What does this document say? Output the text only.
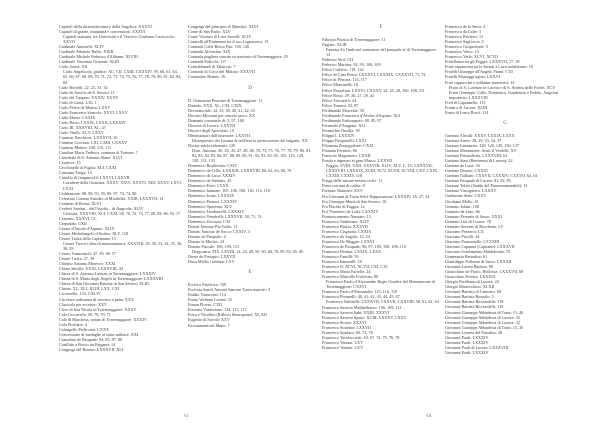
Capitoli della diciassettesima e della Angelica: XXXVI
Capitoli di grazie, immunità e concessioni: XXXVI
Capitoli statutari, tra Università e il Vescovo Girolamo Caracciolo: XXVII
Cardinale Antonelli: XLIV
Cardinale Fabrizio Ruffo: XXIII
Cardinale Michele Federico d'Althann: XLVIII
Cardinale Vincenzo Grimani: XLIII
Carlo Arena: XII
Carlo Angelicola, giudice: XC, CII, CXIII, CXXXIV, 59, 60, 61, 64, 65, 66, 67, 68, 69, 70, 71, 72, 73, 74, 75, 76, 77, 78, 79, 80, 81, 82, 83, 84
Carlo Borrelli: 22, 23, 33, 34
Carlo de Sanctis de S. Severo: 11
Carlo del Tangaro: XXXIV, XXXV
Carlo di Gaeta: LXI, 1
Carlo Felice de Mattia: LXXV
Carlo Francesco Siascola: XXVI, LXXV
Carlo Marso: LXXIX
Carlo Rossi: LXXIX, LXXX, LXXXIV
Carlo III, XXXVIII, XL, 47
Carlo Vitelli: XCV, LXXV
Carmine Nacchicer: LXXXVII, 16
Carmine Crociata: CXI, CXIII, CXXXV
Carmine Matteo: 108, 110, 111
Carolina Maria Tedesca, contessa di Tortone: 7
Cattedrale di S. Antonio Abate: XLVI
Cesaticci: 15
Cecchinella di Puglia: XLI, CXXI
Casimiro Tangs: 14
Castello di Gargancolli: LXXVI, LXXVII
Cavaliere della Giustizia: XXXV, XXIV, XXXVI, XIII, XXXV, LXVI, CXXI
Ceddenzone: 98, 99, 93, 95, 96, 97, 74, 74, 80
Celestino Cosimo Amodio di Mirabella: XXIII, LXXXVII, 14
Centrino di Rossa: XLVI
Cerdevi Santini – dell'Aquila – di Angicola: XLIV
Cetecala, XXXVIII, XCI, CXXI, 68, 70, 72, 73, 77, 80, 83, 86, 93, 17
Cerionni, XXXVI, CL
Cerpadala: CXII
Cesare d'Amolo d'Aquino: XLIX
Cesare Michelangelo d'Avalos: XLV, 118
Cesare Trotta della Capitanata: 15
Cesare Tresce (alias di maestrantaro): XXXVIII, 29, 30, 33, 34, 35, 36, 38, 39
Cesare Traincattoli: 47, 49, 48, 57
Cesare Trotta: 37, 39
Chiarito Antonio Maresco: XXXI
Chiara Sarolla: XXXI, LXXXVIII, 44
Chiesa di S. Antonio Lateran in Torremaggiore: LXXXIV
Chiesa di S. Maria degli Angeli in Torremaggiore: LXXXVIII
Chiesa di San Giovanni Battista in San Severo: XLIII
Chiesa: XL, XLI, XLIII, LXX, CXI
Ciccariello: 133, CXLIV
Circolare ordinanza di servizio a pena: XXX
Clavicola per avoritor: XXV
Clero di San Nicola in Torremaggiore: XXXV
Cola Ceccarella: 59, 79, 70, 71
Cola di Marchesa, notaio di Torremaggiore: XXXIV
Cola Picolatte: 4
Colangello Pedicciati: CXXX
Concessione di medaglie al valor militare: XXI
Consolato de Pasquale: 84, 85, 87, 88
Conflitto a Bosco tra Brigantí: 14
Congrega del Boemo: LXXXVII, XLI
Congrega del principio di Maschio: XLVI
Conte di San Paolo: XLV
Conte Vicenzo di Luca Savelli: XLIV
Controlli all'Eminenza tra il suo Legnascero: 15
Contrada Colle Bosco Pan: 100, 126
Contrada Alfonsina: XIX
Contrada pugliese sancito in territorio di Torremaggiore: 25
Contrada Palicchi: 117
Contrabbandi di Tabaccio: 7
Contrada di Ciccà del Mulino: XXXVII
Costantino Bernes: 16
D
D. Gennarino Pisacino di Torremaggiore: 11
Daniele: XXX, XL, CXI, CXIX
Decoratoriale: 22, 23, 38, 40, 41, 42, 43
Decorio Missioni per cincelo sacro: XX
Demanio comunale di: 2, 97, 100
Diocese di Lucera: LXXVII
Diocesi degli Apocolati: 10
Dimissionari dall'assessore: LXXVII
Dissequestro dei Lucana di nell'iero in persecuzione dei briganti: XX
Doctor-ndola infermati: 120
Dom. Antonio: 40, 43, 45, 47, 48, 68, 70, 73, 75, 76, 77, 78, 79, 80, 81, 82, 83, 84, 85, 86, 87, 88, 89, 90, 91, 92, 93, 94, 95, 105, 125, 129, 130, 131, 133
Domenico Brudocetta: CXIV
Domenico de Cillis: LXXXIX, LXXXVIII, 60, 62, 63, 68, 70
Domenico de Luca: XXXIV
Domenico de Stefanis: 45
Domenico Ferri: LXXX
Domenico Iannone: 105, 106, 108, 110, 114, 118
Domenico Icone: LXXXIX
Domenico Peruzzi: LXXXIV
Domenico Spaventa: XLV
Domenico Tamburrelli: LXXXIV
Domenico Venafrelli: LXXXVII, 50, 71, 74
Domenico Zaccaria: CXI
Donati Antonio Pio Gallo: 11
Donato Antonio de Sacco: LXXIV, 4
Donato de Pasquale: 4
Donato la Morleo: 24
Donato Pascale: 108, 109, 113
Dragonara: XIX, LXVIII, 14, 24, 49, 50, 60, 68, 78, 80, 83, 85, 86
Druso de Pissopio: LXXVII
Duca Mellio Gasbani: LXV
E
Eccleco Fatelvica: 109
Ecclesia Sancti Antonii Sanctae Turris maioris: 3
Emilio Vanuccius: 114
Ennio Verbeno Lucani: 33
Ennon Ploves: CXII
Errorino Vanessiano: 114, 115, 117
Erica e Nicolino (Riflessi Sbarrapone): XI, XII
Eugenio di Savoia: XXV
Excommunicati Mater: 7
F
Fabrizio Pizzica di Torremaggiore: 11
Fagiani: XLIII
Famosa d'a l'indo nel sommerso del pasquale al di Torremaggiore: 14
Federico Sirri: CII
Federico Martino: 92, 93, 108, 109
Felice Caffetto: 119, 124
Felice de Lina Pietra: LXXXVI, LXXXIX, CXXXVII, 71, 72
Felice di Pescara: 116, 117
Felice Mancinelli: 18
Felice Pezzolina: LXXVI, CXXXV, 24, 25, 28, 100, 108, 111
Felice Rossi: 29, 26, 27, 29, 43
Felice Trovarelli: 24
Felice Tozzini: 53, 87
Ferdinando Morreale: 30
Ferdinando Francesco d'Avalos d'Aquino: XLI
Ferdinando Fedorrapoto: 80, 85, 87
Fernando d'Aragona: XLI
Fernarchia Nocilla: 95
Filippo I: LXXXIV
Filippo Pasquarelli: LXXI
Filomena Zizzoppilone: CXXI
Fiumara Fermesi: 80
Fonicolo Magnasero: CXXII
Fondo e ingresso ai gran Masco: LXXVII
Foggia: XVIII, XXII, XXXVIII, XLIV, XLV, L, LV, LXXXVII, LXXXVIII, LXXXIX, XCIII, XCV, XCVII, XCVIII, CXV, CXIX, CXXIII, CXXIV, 118
Fonga delle misure mezzo ciclie: 11
Fonti con una di colèta: 8
Fortuna: Brancini: XXV
Fra Giovanni di Tozia Selvi Rappasazione: LXXXIV, 16, 27, 14
Fra Giuseppe Maria di San Severo: 16
Fra Placido di Foggia: 12
Fra' Prometeo de Leila: LXXXIV
Francescantonio Nenzato: 13
Francesco Andrisano: XLIV
Francesco Brulio: XXXVII
Francesco Cisgnotta: LXXIX
Francesco da Angelo: 13, 24
Francesco De Maggio: LXXVI
Francesco de Pasquale: 96, 97, 100, 108, 109, 110
Francesco Denina: LXXIX, LXXX
Francesco Fantilli: 59
Francesco Iannotilli: 18
Francesco II: XCVI, XCVII, CXI, CXI
Francesco Maria Fariello: 24
Francesco Mascelle Fraferino: 80
Francesco Paolo d'Alessandro Regio Giudice del Monasterone di Torremaggiore: CXXVI
Francesco Paolo d'Alessandro: 115, 116, 119
Francesco Pocanelli: 40, 41, 42, 43, 44, 45, 47
Francesco Saltinelli: LXXXVII, CXXVII, CXXVIII, 58, 61, 62, 64
Francesco Saverio Maldaribasso: 106, 109, 111
Francesco Saverio Sabi: XXIII, XXXVI
Francesco Saverio Spanò: XCIII, LXXXV, CXXV
Francesco Storza: XXXVI
Francesco Storzino: LXXVII
Francesco Spadaro: 60, 73, 78
Francesco Tavolaccietti: 63, 67, 74, 75, 76, 78
Francesco Ventasi: LXV
Francesco Ventasi: LXV
Francesco de la Serra: 4
Francesco da Lalle: 3
Francesco Petrizzo: 13
Francesco Sagliocca: 5
Francesco Gisquertone: 5
Francesco Valco: 13
Francesco Verle: XCVI, XCVII
Fratellanza tra gli Foggia: LXXXVII, 17, 18
Frate cappuccini tra le Inviati a Luca sodalizzato: 16
Fratelli Giuseppe all'Angelo Pirani: CXI
Fratelli Marzaggi ugino: LXXVI
Frati cappuccini e soldatini morrecesi: 14
Fratri di S. Lorenzo in Lucera e di S. Andrea delle Foche: XCV
Fratri Giuseppe, Callo, Domenico, Gaudenzio e Fedele, Angioini inquizarisi: LXXXVIII
Fred di Capuanello: 113
Fronti a di Lucera: XLIII
Fonte di Lenio Rossi: 114
G
Gaetano Altrulli: XXXV, LXXIX, LXXX
Gaetano Arnes: 28, 29, 33, 34, 37
Gaetano Lammetta: 120, 126, 129, 130, 137
Gaetano Mezzanotte: Arnis il Verdelli: XV
Gaetano Pettinalletta: LXXXVIII, 62
Gaetano Stasi (Benvenuti di Lucera): 22
Gaetano de Luca: 34
Gaetano Denaro: CXXXI
Gaetano Galliani: CXXVII, CXXXIV, CXXVII, 62, 64
Gaetano Pasquale di Lucera: 81, 82, 85
Gaetano Telaio (Sudde del Pansionomandiòl): 13
Gaetano Vinciguerra: LXXXV
Gasbarone Sette: CXXV
Girolamo Mollo: 41
Gennaro Iolatti: 108
Gennaro de Lino: 66
Gennaro Ferrante di Sasso: XXXI
Gennaro Lioi di Lucera: 78
Gennaro Sovente di Rocchetta: LV
Giacomo Pezzerra: LX
Giacomo Piscilli: 24
Giacomo Ponzaniello: LXXXIII
Giacomo Capanna (Capitano): LXXXVII
Giacomo Scarlamento Maldobrado: 75
Giammaria Berardini: 61
Gianfilippo Pollastra di Sasso: LXXXII
Giovanni Loreto Battista: 90
Gioacchino de Florio, Bellozza: LXXXVII, 60
Gioacchino Ferrara: LXXXIX
Giorgio Ferriliano di Lucera: 24
Giorgio Marrocchino: XLXII
Giovanni Battista di Cantorro: 60
Giovanni Battista Rozzolo: 5
Giovanni Battista Ricciardelli: 118
Giovanni Battista Ricciardelli: 118
Giovanni Giuseppe Abbadessa di Trani: 15, 20
Giovanni Giuseppe Abbadessa di Lucera: 32
Giovanni Giuseppe Abbadessa di Lucera: 32
Giovanni Giuseppe Abbadessa di Trani: 15, 20
Giovanni Leoneo del Paradiso: 28
Giovanni Pauli: LXXXIV
Giovanni Pauli: LXXXIV
Giovanni Pauli di Lucera: LXXXVIII
Giovanni Pauli: LXXXIV
vi	vii
